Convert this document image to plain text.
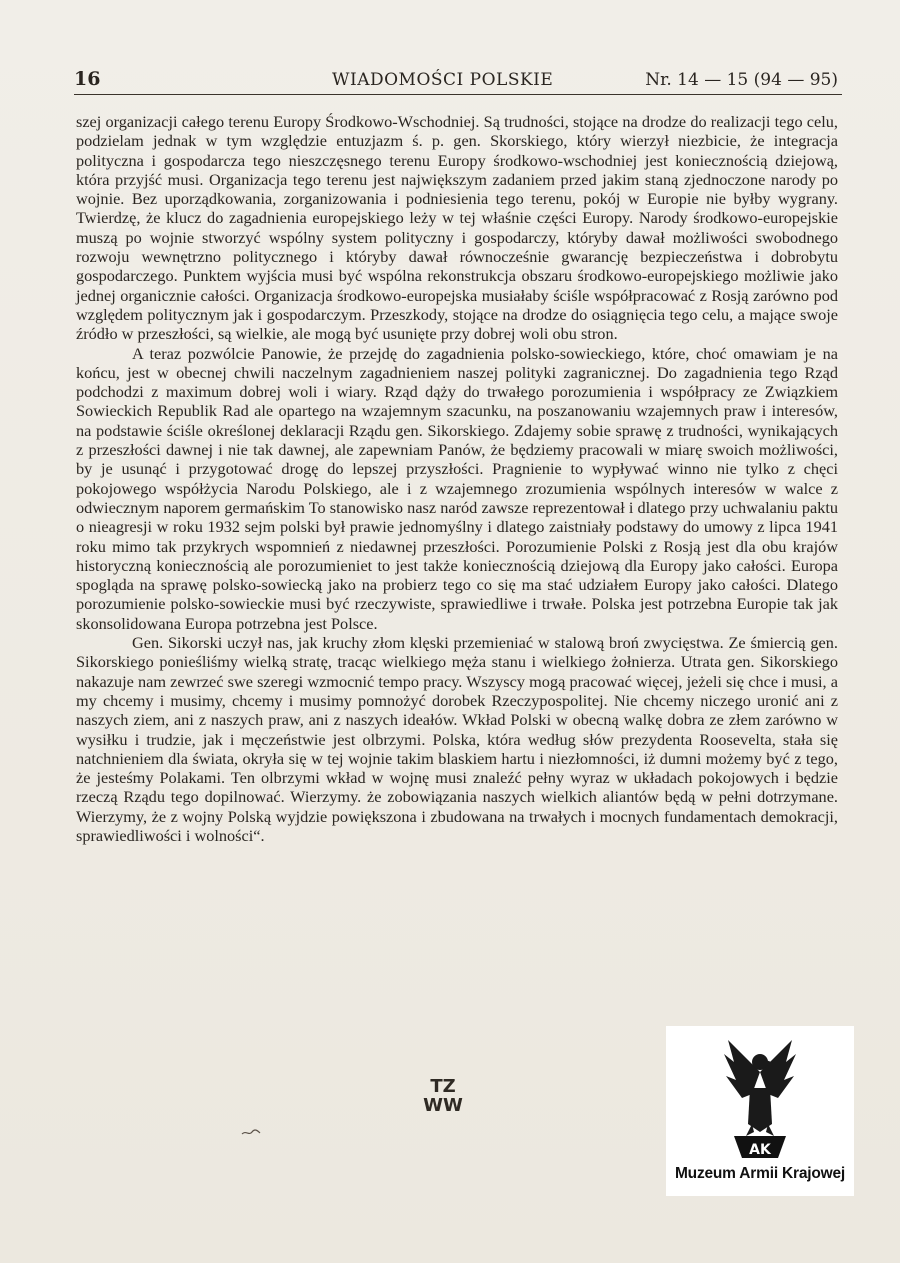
16	WIADOMOŚCI POLSKIE	Nr. 14 — 15 (94 — 95)

szej organizacji całego terenu Europy Środkowo-Wschodniej. Są trudności, stojące na drodze do realizacji tego celu, podzielam jednak w tym względzie entuzjazm ś. p. gen. Skorskiego, który wierzył niezbicie, że integracja polityczna i gospodarcza tego nieszczęsnego terenu Europy środkowo-wschodniej jest koniecznością dziejową, która przyjść musi. Organizacja tego terenu jest największym zadaniem przed jakim staną zjednoczone narody po wojnie. Bez uporządkowania, zorganizowania i podniesienia tego terenu, pokój w Europie nie byłby wygrany. Twierdzę, że klucz do zagadnienia europejskiego leży w tej właśnie części Europy. Narody środkowo-europejskie muszą po wojnie stworzyć wspólny system polityczny i gospodarczy, któryby dawał możliwości swobodnego rozwoju wewnętrzno politycznego i któryby dawał równocześnie gwarancję bezpieczeństwa i dobrobytu gospodarczego. Punktem wyjścia musi być wspólna rekonstrukcja obszaru środkowo-europejskiego możliwie jako jednej organicznie całości. Organizacja środkowo-europejska musiałaby ściśle współpracować z Rosją zarówno pod względem politycznym jak i gospodarczym. Przeszkody, stojące na drodze do osiągnięcia tego celu, a mające swoje źródło w przeszłości, są wielkie, ale mogą być usunięte przy dobrej woli obu stron.

A teraz pozwólcie Panowie, że przejdę do zagadnienia polsko-sowieckiego, które, choć omawiam je na końcu, jest w obecnej chwili naczelnym zagadnieniem naszej polityki zagranicznej. Do zagadnienia tego Rząd podchodzi z maximum dobrej woli i wiary. Rząd dąży do trwałego porozumienia i współpracy ze Związkiem Sowieckich Republik Rad ale opartego na wzajemnym szacunku, na poszanowaniu wzajemnych praw i interesów, na podstawie ściśle określonej deklaracji Rządu gen. Sikorskiego. Zdajemy sobie sprawę z trudności, wynikających z przeszłości dawnej i nie tak dawnej, ale zapewniam Panów, że będziemy pracowali w miarę swoich możliwości, by je usunąć i przygotować drogę do lepszej przyszłości. Pragnienie to wypływać winno nie tylko z chęci pokojowego współżycia Narodu Polskiego, ale i z wzajemnego zrozumienia wspólnych interesów w walce z odwiecznym naporem germańskim To stanowisko nasz naród zawsze reprezentował i dlatego przy uchwalaniu paktu o nieagresji w roku 1932 sejm polski był prawie jednomyślny i dlatego zaistniały podstawy do umowy z lipca 1941 roku mimo tak przykrych wspomnień z niedawnej przeszłości. Porozumienie Polski z Rosją jest dla obu krajów historyczną koniecznością ale porozumieniet to jest także koniecznością dziejową dla Europy jako całości. Europa spogląda na sprawę polsko-sowiecką jako na probierz tego co się ma stać udziałem Europy jako całości. Dlatego porozumienie polsko-sowieckie musi być rzeczywiste, sprawiedliwe i trwałe. Polska jest potrzebna Europie tak jak skonsolidowana Europa potrzebna jest Polsce.

Gen. Sikorski uczył nas, jak kruchy złom klęski przemieniać w stalową broń zwycięstwa. Ze śmiercią gen. Sikorskiego ponieśliśmy wielką stratę, tracąc wielkiego męża stanu i wielkiego żołnierza. Utrata gen. Sikorskiego nakazuje nam zewrzeć swe szeregi wzmocnić tempo pracy. Wszyscy mogą pracować więcej, jeżeli się chce i musi, a my chcemy i musimy, chcemy i musimy pomnożyć dorobek Rzeczypospolitej. Nie chcemy niczego uronić ani z naszych ziem, ani z naszych praw, ani z naszych ideałów. Wkład Polski w obecną walkę dobra ze złem zarówno w wysiłku i trudzie, jak i męczeństwie jest olbrzymi. Polska, która według słów prezydenta Roosevelta, stała się natchnieniem dla świata, okryła się w tej wojnie takim blaskiem hartu i niezłomności, iż dumni możemy być z tego, że jesteśmy Polakami. Ten olbrzymi wkład w wojnę musi znaleźć pełny wyraz w układach pokojowych i będzie rzeczą Rządu tego dopilnować. Wierzymy. że zobowiązania naszych wielkich aliantów będą w pełni dotrzymane. Wierzymy, że z wojny Polską wyjdzie powiększona i zbudowana na trwałych i mocnych fundamentach demokracji, sprawiedliwości i wolności“.

TZ
WW
AK
Muzeum Armii Krajowej
